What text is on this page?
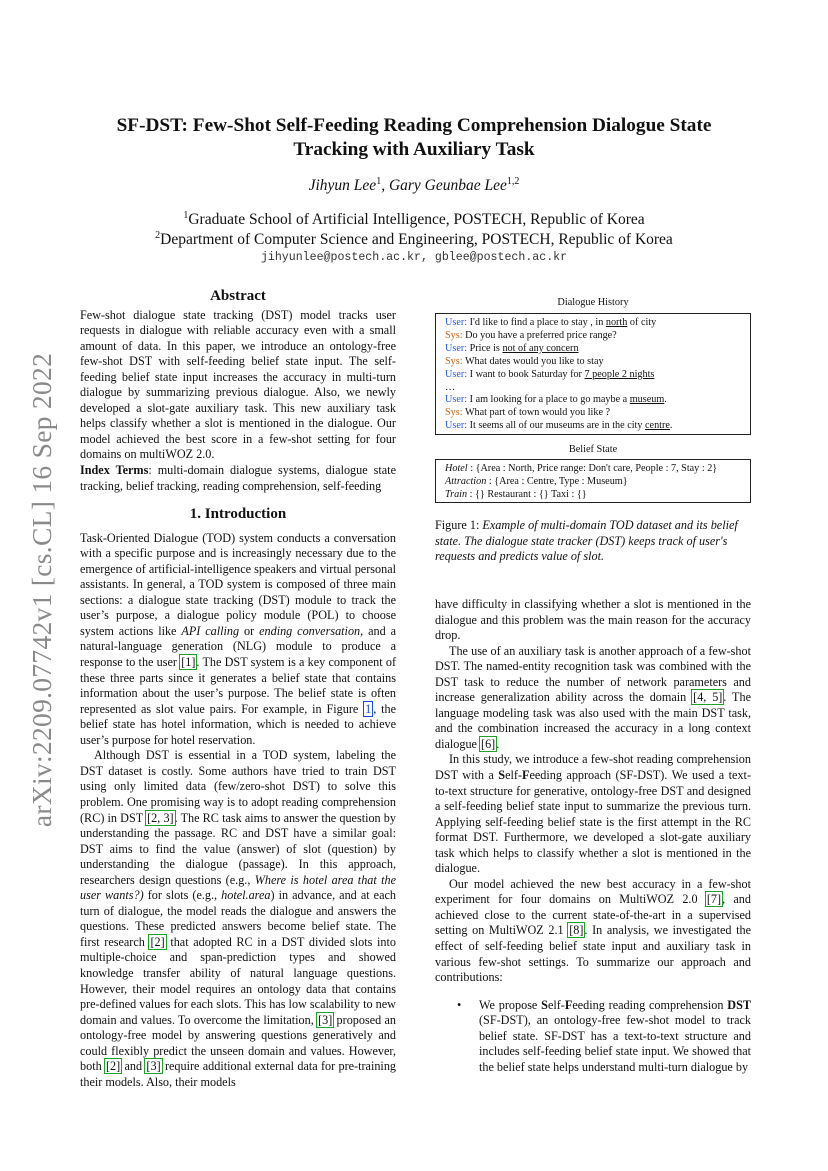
arXiv:2209.07742v1 [cs.CL] 16 Sep 2022
SF-DST: Few-Shot Self-Feeding Reading Comprehension Dialogue State Tracking with Auxiliary Task
Jihyun Lee$^1$, Gary Geunbae Lee$^{1,2}$
$^1$Graduate School of Artificial Intelligence, POSTECH, Republic of Korea
$^2$Department of Computer Science and Engineering, POSTECH, Republic of Korea
jihyunlee@postech.ac.kr, gblee@postech.ac.kr
Abstract

Few-shot dialogue state tracking (DST) model tracks user requests in dialogue with reliable accuracy even with a small amount of data. In this paper, we introduce an ontology-free few-shot DST with self-feeding belief state input. The self-feeding belief state input increases the accuracy in multi-turn dialogue by summarizing previous dialogue. Also, we newly developed a slot-gate auxiliary task. This new auxiliary task helps classify whether a slot is mentioned in the dialogue. Our model achieved the best score in a few-shot setting for four domains on multiWOZ 2.0.

Index Terms: multi-domain dialogue systems, dialogue state tracking, belief tracking, reading comprehension, self-feeding

1. Introduction

Task-Oriented Dialogue (TOD) system conducts a conversation with a specific purpose and is increasingly necessary due to the emergence of artificial-intelligence speakers and virtual personal assistants. In general, a TOD system is composed of three main sections: a dialogue state tracking (DST) module to track the user’s purpose, a dialogue policy module (POL) to choose system actions like API calling or ending conversation, and a natural-language generation (NLG) module to produce a response to the user [1]. The DST system is a key component of these three parts since it generates a belief state that contains information about the user’s purpose. The belief state is often represented as slot value pairs. For example, in Figure 1 , the belief state has hotel information, which is needed to achieve user’s purpose for hotel reservation.

Although DST is essential in a TOD system, labeling the DST dataset is costly. Some authors have tried to train DST using only limited data (few/zero-shot DST) to solve this problem. One promising way is to adopt reading comprehension (RC) in DST [2, 3]. The RC task aims to answer the question by understanding the passage. RC and DST have a similar goal: DST aims to find the value (answer) of slot (question) by understanding the dialogue (passage). In this approach, researchers design questions (e.g., Where is hotel area that the user wants?) for slots (e.g., hotel.area) in advance, and at each turn of dialogue, the model reads the dialogue and answers the questions. These predicted answers become belief state. The first research [2] that adopted RC in a DST divided slots into multiple-choice and span-prediction types and showed knowledge transfer ability of natural language questions. However, their model requires an ontology data that contains pre-defined values for each slots. This has low scalability to new domain and values. To overcome the limitation, [3] proposed an ontology-free model by answering questions generatively and could flexibly predict the unseen domain and values. However, both [2] and [3] require additional external data for pre-training their models. Also, their models

Dialogue History
User: I'd like to find a place to stay , in north of city
Sys: Do you have a preferred price range?
User: Price is not of any concern
Sys: What dates would you like to stay
User: I want to book Saturday for 7 people 2 nights
…
User: I am looking for a place to go maybe a museum.
Sys: What part of town would you like ?
User: It seems all of our museums are in the city centre.
Belief State
Hotel : {Area : North, Price range: Don't care, People : 7, Stay : 2}
Attraction : {Area : Centre, Type : Museum}
Train : {} Restaurant : {} Taxi : {}
Figure 1: Example of multi-domain TOD dataset and its belief state. The dialogue state tracker (DST) keeps track of user's requests and predicts value of slot.

have difficulty in classifying whether a slot is mentioned in the dialogue and this problem was the main reason for the accuracy drop.

The use of an auxiliary task is another approach of a few-shot DST. The named-entity recognition task was combined with the DST task to reduce the number of network parameters and increase generalization ability across the domain [4, 5]. The language modeling task was also used with the main DST task, and the combination increased the accuracy in a long context dialogue [6].

In this study, we introduce a few-shot reading comprehension DST with a Self-Feeding approach (SF-DST). We used a text-to-text structure for generative, ontology-free DST and designed a self-feeding belief state input to summarize the previous turn. Applying self-feeding belief state is the first attempt in the RC format DST. Furthermore, we developed a slot-gate auxiliary task which helps to classify whether a slot is mentioned in the dialogue.

Our model achieved the new best accuracy in a few-shot experiment for four domains on MultiWOZ 2.0 [7], and achieved close to the current state-of-the-art in a supervised setting on MultiWOZ 2.1 [8]. In analysis, we investigated the effect of self-feeding belief state input and auxiliary task in various few-shot settings. To summarize our approach and contributions:

•	We propose Self-Feeding reading comprehension DST (SF-DST), an ontology-free few-shot model to track belief state. SF-DST has a text-to-text structure and includes self-feeding belief state input. We showed that the belief state helps understand multi-turn dialogue by
